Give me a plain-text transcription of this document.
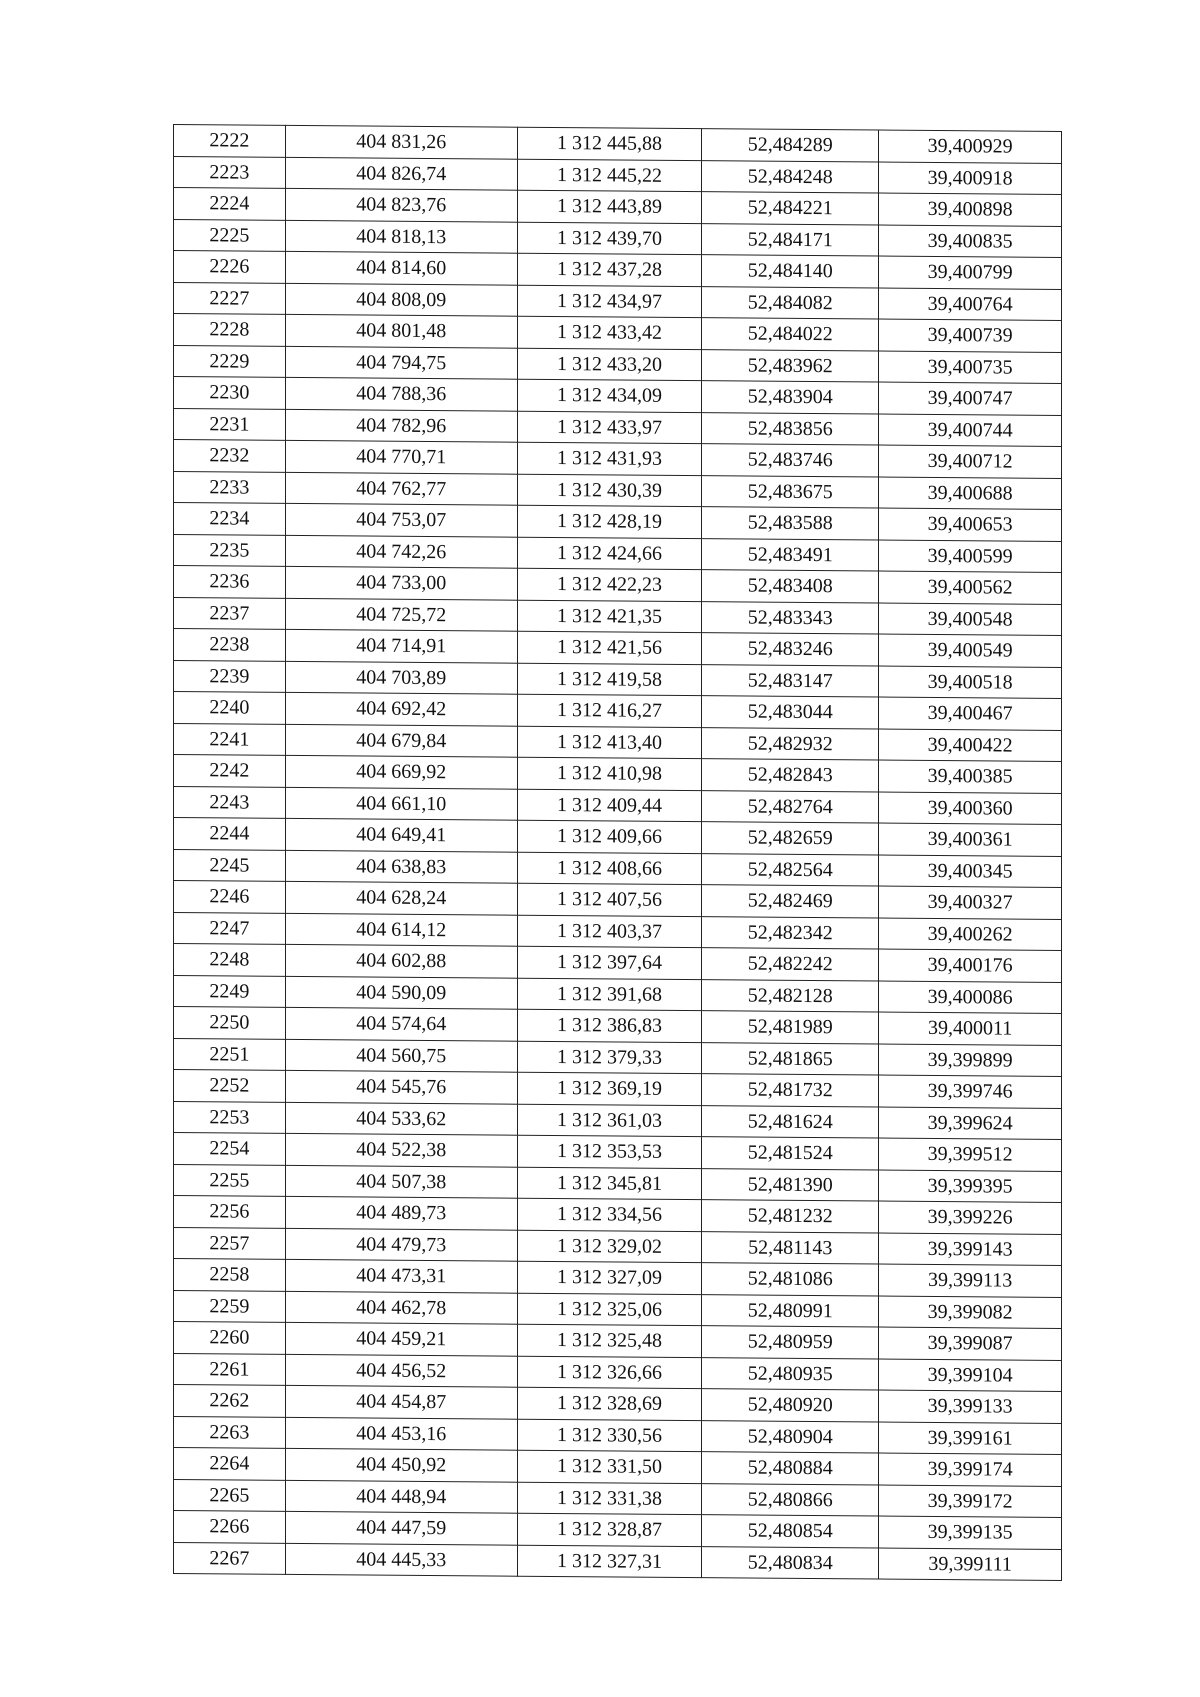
2222	404 831,26	1 312 445,88	52,484289	39,400929
2223	404 826,74	1 312 445,22	52,484248	39,400918
2224	404 823,76	1 312 443,89	52,484221	39,400898
2225	404 818,13	1 312 439,70	52,484171	39,400835
2226	404 814,60	1 312 437,28	52,484140	39,400799
2227	404 808,09	1 312 434,97	52,484082	39,400764
2228	404 801,48	1 312 433,42	52,484022	39,400739
2229	404 794,75	1 312 433,20	52,483962	39,400735
2230	404 788,36	1 312 434,09	52,483904	39,400747
2231	404 782,96	1 312 433,97	52,483856	39,400744
2232	404 770,71	1 312 431,93	52,483746	39,400712
2233	404 762,77	1 312 430,39	52,483675	39,400688
2234	404 753,07	1 312 428,19	52,483588	39,400653
2235	404 742,26	1 312 424,66	52,483491	39,400599
2236	404 733,00	1 312 422,23	52,483408	39,400562
2237	404 725,72	1 312 421,35	52,483343	39,400548
2238	404 714,91	1 312 421,56	52,483246	39,400549
2239	404 703,89	1 312 419,58	52,483147	39,400518
2240	404 692,42	1 312 416,27	52,483044	39,400467
2241	404 679,84	1 312 413,40	52,482932	39,400422
2242	404 669,92	1 312 410,98	52,482843	39,400385
2243	404 661,10	1 312 409,44	52,482764	39,400360
2244	404 649,41	1 312 409,66	52,482659	39,400361
2245	404 638,83	1 312 408,66	52,482564	39,400345
2246	404 628,24	1 312 407,56	52,482469	39,400327
2247	404 614,12	1 312 403,37	52,482342	39,400262
2248	404 602,88	1 312 397,64	52,482242	39,400176
2249	404 590,09	1 312 391,68	52,482128	39,400086
2250	404 574,64	1 312 386,83	52,481989	39,400011
2251	404 560,75	1 312 379,33	52,481865	39,399899
2252	404 545,76	1 312 369,19	52,481732	39,399746
2253	404 533,62	1 312 361,03	52,481624	39,399624
2254	404 522,38	1 312 353,53	52,481524	39,399512
2255	404 507,38	1 312 345,81	52,481390	39,399395
2256	404 489,73	1 312 334,56	52,481232	39,399226
2257	404 479,73	1 312 329,02	52,481143	39,399143
2258	404 473,31	1 312 327,09	52,481086	39,399113
2259	404 462,78	1 312 325,06	52,480991	39,399082
2260	404 459,21	1 312 325,48	52,480959	39,399087
2261	404 456,52	1 312 326,66	52,480935	39,399104
2262	404 454,87	1 312 328,69	52,480920	39,399133
2263	404 453,16	1 312 330,56	52,480904	39,399161
2264	404 450,92	1 312 331,50	52,480884	39,399174
2265	404 448,94	1 312 331,38	52,480866	39,399172
2266	404 447,59	1 312 328,87	52,480854	39,399135
2267	404 445,33	1 312 327,31	52,480834	39,399111
